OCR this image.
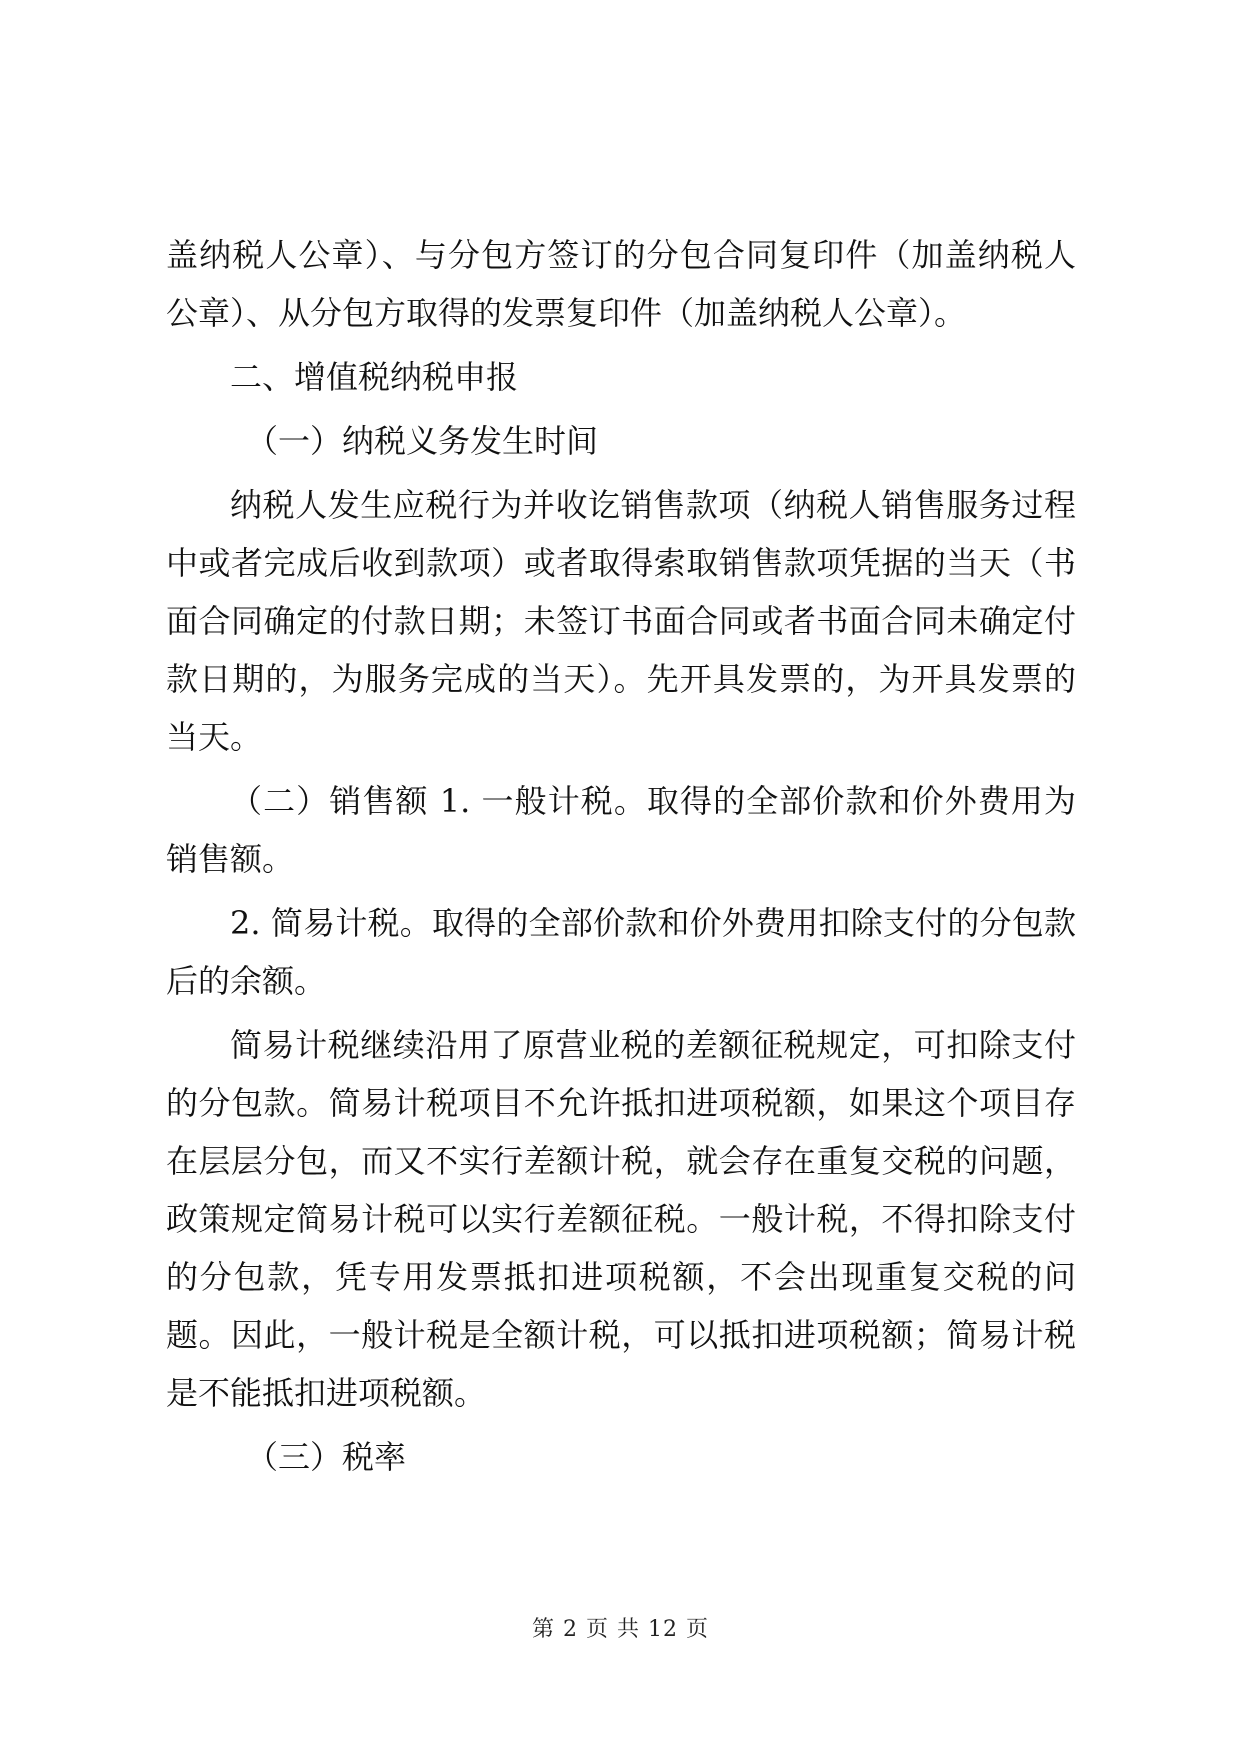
盖纳税人公章）、与分包方签订的分包合同复印件（加盖纳税人公章）、从分包方取得的发票复印件（加盖纳税人公章）。

二、增值税纳税申报

（一）纳税义务发生时间

纳税人发生应税行为并收讫销售款项（纳税人销售服务过程中或者完成后收到款项）或者取得索取销售款项凭据的当天（书面合同确定的付款日期；未签订书面合同或者书面合同未确定付款日期的，为服务完成的当天）。先开具发票的，为开具发票的当天。

（二）销售额 1. 一般计税。取得的全部价款和价外费用为销售额。

2. 简易计税。取得的全部价款和价外费用扣除支付的分包款后的余额。

简易计税继续沿用了原营业税的差额征税规定，可扣除支付的分包款。简易计税项目不允许抵扣进项税额，如果这个项目存在层层分包，而又不实行差额计税，就会存在重复交税的问题，政策规定简易计税可以实行差额征税。一般计税，不得扣除支付的分包款，凭专用发票抵扣进项税额，不会出现重复交税的问题。因此，一般计税是全额计税，可以抵扣进项税额；简易计税是不能抵扣进项税额。

（三）税率

第 2 页 共 12 页
